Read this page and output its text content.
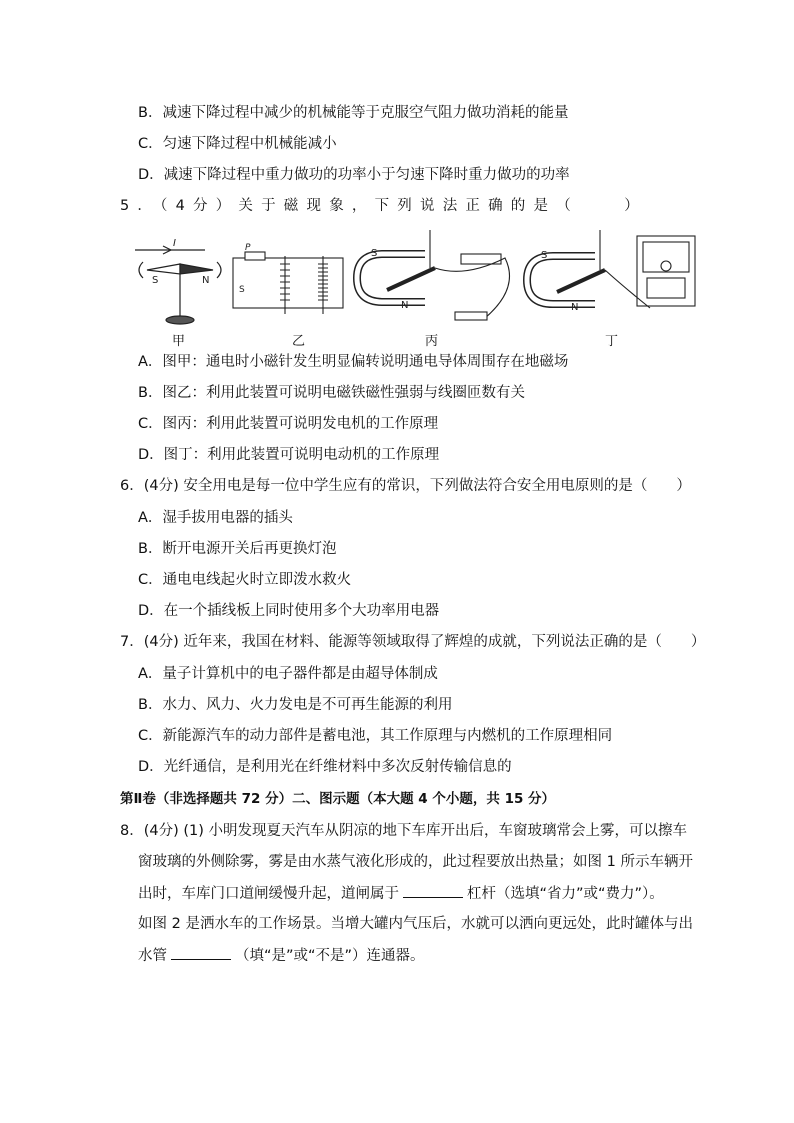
B．减速下降过程中减少的机械能等于克服空气阻力做功消耗的能量
C．匀速下降过程中机械能减小
D．减速下降过程中重力做功的功率小于匀速下降时重力做功的功率
5．（4分）关于磁现象，下列说法正确的是（　　）
I
S	N
P
S
S
N
S
N
甲	乙	丙	丁
A．图甲：通电时小磁针发生明显偏转说明通电导体周围存在地磁场
B．图乙：利用此装置可说明电磁铁磁性强弱与线圈匝数有关
C．图丙：利用此装置可说明发电机的工作原理
D．图丁：利用此装置可说明电动机的工作原理
6．(4分) 安全用电是每一位中学生应有的常识，下列做法符合安全用电原则的是（　　）
A．湿手拔用电器的插头
B．断开电源开关后再更换灯泡
C．通电电线起火时立即泼水救火
D．在一个插线板上同时使用多个大功率用电器
7．(4分) 近年来，我国在材料、能源等领域取得了辉煌的成就，下列说法正确的是（　　）
A．量子计算机中的电子器件都是由超导体制成
B．水力、风力、火力发电是不可再生能源的利用
C．新能源汽车的动力部件是蓄电池，其工作原理与内燃机的工作原理相同
D．光纤通信，是利用光在纤维材料中多次反射传输信息的
第Ⅱ卷（非选择题共 72 分）二、图示题（本大题 4 个小题，共 15 分）
8．(4分) (1) 小明发现夏天汽车从阴凉的地下车库开出后，车窗玻璃常会上雾，可以擦车
窗玻璃的外侧除雾，雾是由水蒸气液化形成的，此过程要放出热量；如图 1 所示车辆开
出时，车库门口道闸缓慢升起，道闸属于	杠杆（选填“省力”或“费力”）。
如图 2 是洒水车的工作场景。当增大罐内气压后，水就可以洒向更远处，此时罐体与出
水管	（填“是”或“不是”）连通器。
